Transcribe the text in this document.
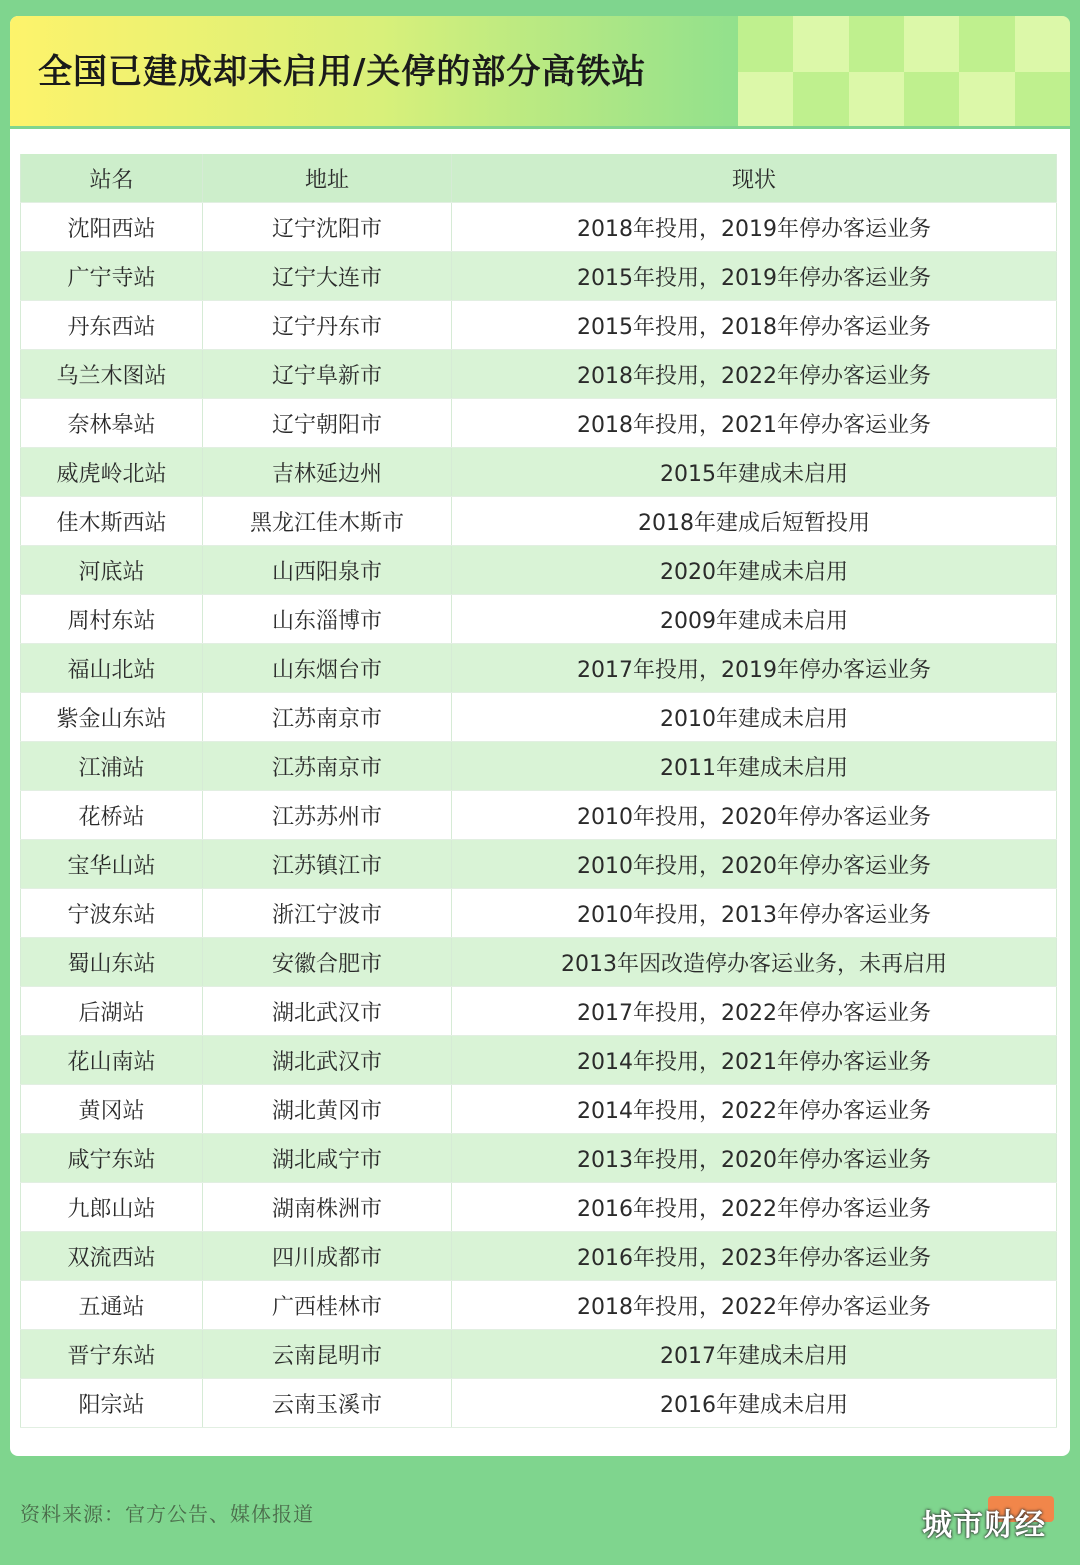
全国已建成却未启用/关停的部分高铁站
站名	地址	现状
沈阳西站	辽宁沈阳市	2018年投用，2019年停办客运业务
广宁寺站	辽宁大连市	2015年投用，2019年停办客运业务
丹东西站	辽宁丹东市	2015年投用，2018年停办客运业务
乌兰木图站	辽宁阜新市	2018年投用，2022年停办客运业务
奈林皋站	辽宁朝阳市	2018年投用，2021年停办客运业务
威虎岭北站	吉林延边州	2015年建成未启用
佳木斯西站	黑龙江佳木斯市	2018年建成后短暂投用
河底站	山西阳泉市	2020年建成未启用
周村东站	山东淄博市	2009年建成未启用
福山北站	山东烟台市	2017年投用，2019年停办客运业务
紫金山东站	江苏南京市	2010年建成未启用
江浦站	江苏南京市	2011年建成未启用
花桥站	江苏苏州市	2010年投用，2020年停办客运业务
宝华山站	江苏镇江市	2010年投用，2020年停办客运业务
宁波东站	浙江宁波市	2010年投用，2013年停办客运业务
蜀山东站	安徽合肥市	2013年因改造停办客运业务，未再启用
后湖站	湖北武汉市	2017年投用，2022年停办客运业务
花山南站	湖北武汉市	2014年投用，2021年停办客运业务
黄冈站	湖北黄冈市	2014年投用，2022年停办客运业务
咸宁东站	湖北咸宁市	2013年投用，2020年停办客运业务
九郎山站	湖南株洲市	2016年投用，2022年停办客运业务
双流西站	四川成都市	2016年投用，2023年停办客运业务
五通站	广西桂林市	2018年投用，2022年停办客运业务
晋宁东站	云南昆明市	2017年建成未启用
阳宗站	云南玉溪市	2016年建成未启用
资料来源：官方公告、媒体报道	城市财经
